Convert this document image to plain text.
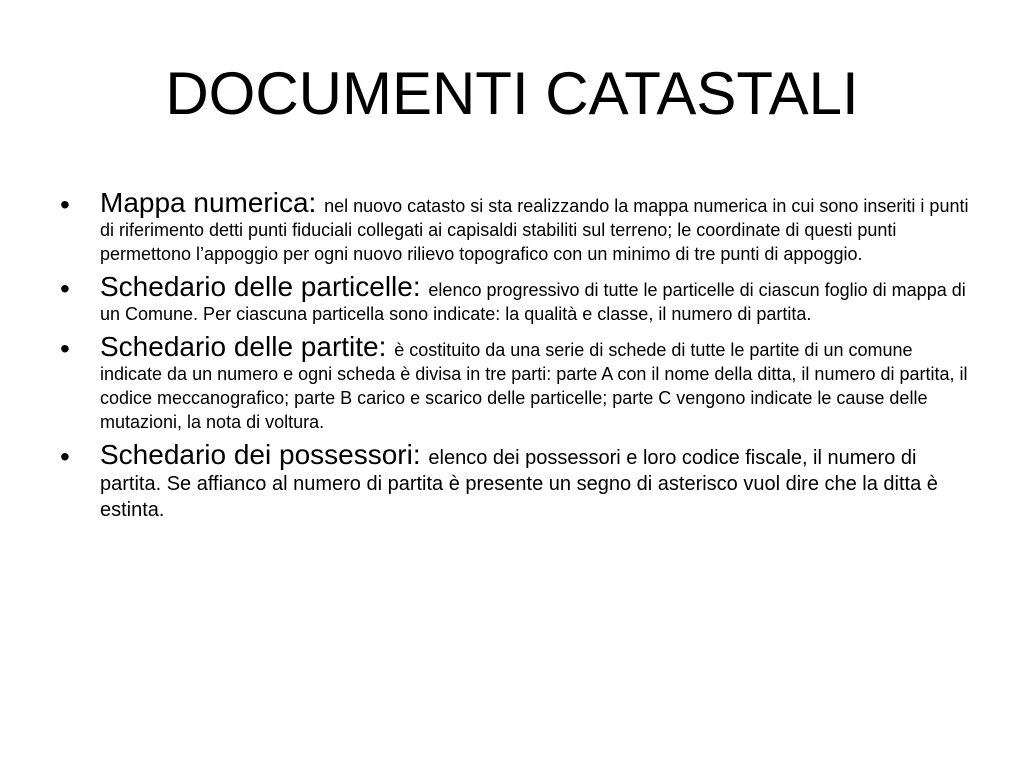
DOCUMENTI CATASTALI
• Mappa numerica: nel nuovo catasto si sta realizzando la mappa numerica in cui sono inseriti i punti di riferimento detti punti fiduciali collegati ai capisaldi stabiliti sul terreno; le coordinate di questi punti permettono l’appoggio per ogni nuovo rilievo topografico con un minimo di tre punti di appoggio.
• Schedario delle particelle: elenco progressivo di tutte le particelle di ciascun foglio di mappa di un Comune. Per ciascuna particella sono indicate: la qualità e classe, il numero di partita.
• Schedario delle partite: è costituito da una serie di schede di tutte le partite di un comune indicate da un numero e ogni scheda è divisa in tre parti: parte A con il nome della ditta, il numero di partita, il codice meccanografico; parte B carico e scarico delle particelle; parte C vengono indicate le cause delle mutazioni, la nota di voltura.
• Schedario dei possessori: elenco dei possessori e loro codice fiscale, il numero di partita. Se affianco al numero di partita è presente un segno di asterisco vuol dire che la ditta è estinta.
